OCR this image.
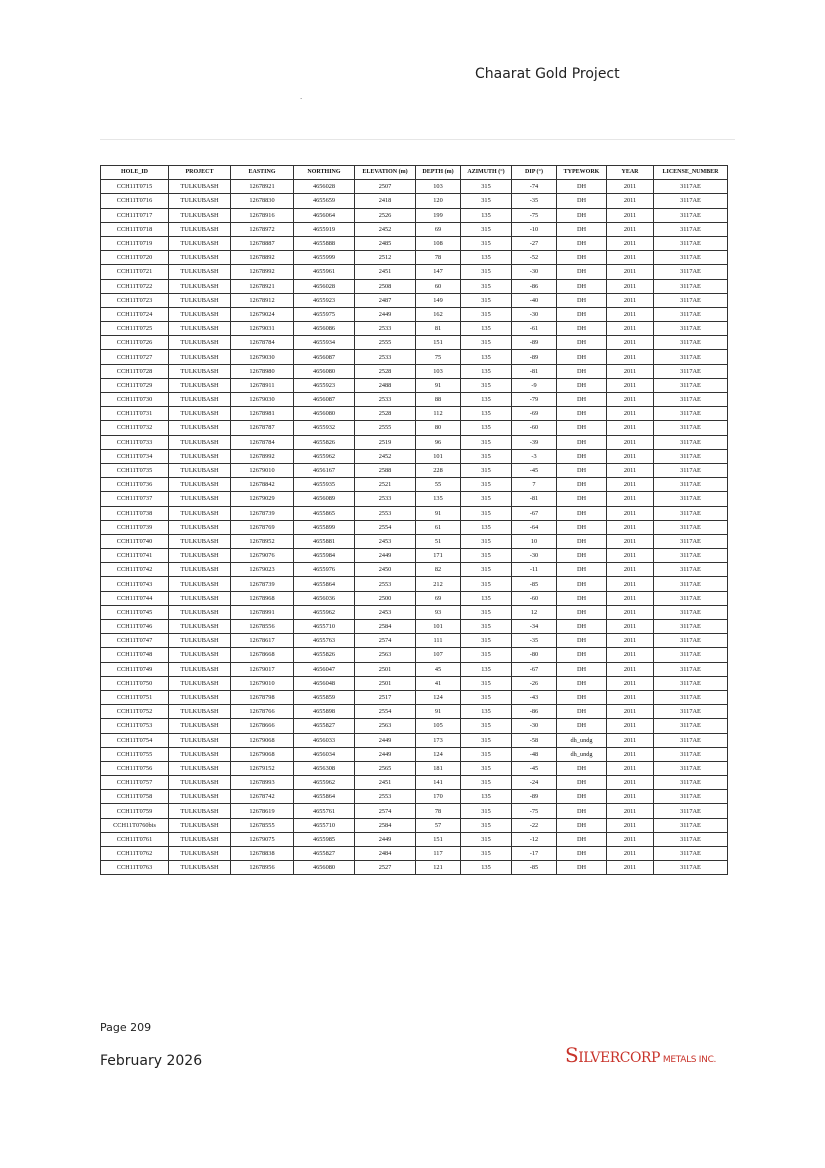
Chaarat Gold Project
.
HOLE_ID	PROJECT	EASTING	NORTHING	ELEVATION (m)	DEPTH (m)	AZIMUTH (°)	DIP (°)	TYPEWORK	YEAR	LICENSE_NUMBER
CCH11T0715	TULKUBASH	12678921	4656028	2507	103	315	-74	DH	2011	3117AE
CCH11T0716	TULKUBASH	12678830	4655659	2418	120	315	-35	DH	2011	3117AE
CCH11T0717	TULKUBASH	12678916	4656064	2526	199	135	-75	DH	2011	3117AE
CCH11T0718	TULKUBASH	12678972	4655919	2452	69	315	-10	DH	2011	3117AE
CCH11T0719	TULKUBASH	12678887	4655888	2485	108	315	-27	DH	2011	3117AE
CCH11T0720	TULKUBASH	12678892	4655999	2512	78	135	-52	DH	2011	3117AE
CCH11T0721	TULKUBASH	12678992	4655961	2451	147	315	-30	DH	2011	3117AE
CCH11T0722	TULKUBASH	12678921	4656028	2508	60	315	-86	DH	2011	3117AE
CCH11T0723	TULKUBASH	12678912	4655923	2487	149	315	-40	DH	2011	3117AE
CCH11T0724	TULKUBASH	12679024	4655975	2449	162	315	-30	DH	2011	3117AE
CCH11T0725	TULKUBASH	12679031	4656086	2533	81	135	-61	DH	2011	3117AE
CCH11T0726	TULKUBASH	12678784	4655934	2555	151	315	-89	DH	2011	3117AE
CCH11T0727	TULKUBASH	12679030	4656087	2533	75	135	-89	DH	2011	3117AE
CCH11T0728	TULKUBASH	12678980	4656080	2528	103	135	-81	DH	2011	3117AE
CCH11T0729	TULKUBASH	12678911	4655923	2488	91	315	-9	DH	2011	3117AE
CCH11T0730	TULKUBASH	12679030	4656087	2533	88	135	-79	DH	2011	3117AE
CCH11T0731	TULKUBASH	12678981	4656080	2528	112	135	-69	DH	2011	3117AE
CCH11T0732	TULKUBASH	12678787	4655932	2555	80	135	-60	DH	2011	3117AE
CCH11T0733	TULKUBASH	12678784	4655826	2519	96	315	-39	DH	2011	3117AE
CCH11T0734	TULKUBASH	12678992	4655962	2452	101	315	-3	DH	2011	3117AE
CCH11T0735	TULKUBASH	12679010	4656167	2588	228	315	-45	DH	2011	3117AE
CCH11T0736	TULKUBASH	12678842	4655935	2521	55	315	7	DH	2011	3117AE
CCH11T0737	TULKUBASH	12679029	4656089	2533	135	315	-81	DH	2011	3117AE
CCH11T0738	TULKUBASH	12678739	4655865	2553	91	315	-67	DH	2011	3117AE
CCH11T0739	TULKUBASH	12678769	4655899	2554	61	135	-64	DH	2011	3117AE
CCH11T0740	TULKUBASH	12678952	4655881	2453	51	315	10	DH	2011	3117AE
CCH11T0741	TULKUBASH	12679076	4655984	2449	171	315	-30	DH	2011	3117AE
CCH11T0742	TULKUBASH	12679023	4655976	2450	82	315	-11	DH	2011	3117AE
CCH11T0743	TULKUBASH	12678739	4655864	2553	212	315	-85	DH	2011	3117AE
CCH11T0744	TULKUBASH	12678968	4656036	2500	69	135	-60	DH	2011	3117AE
CCH11T0745	TULKUBASH	12678991	4655962	2453	93	315	12	DH	2011	3117AE
CCH11T0746	TULKUBASH	12678556	4655710	2584	101	315	-34	DH	2011	3117AE
CCH11T0747	TULKUBASH	12678617	4655763	2574	111	315	-35	DH	2011	3117AE
CCH11T0748	TULKUBASH	12678668	4655826	2563	107	315	-80	DH	2011	3117AE
CCH11T0749	TULKUBASH	12679017	4656047	2501	45	135	-67	DH	2011	3117AE
CCH11T0750	TULKUBASH	12679010	4656048	2501	41	315	-26	DH	2011	3117AE
CCH11T0751	TULKUBASH	12678798	4655859	2517	124	315	-43	DH	2011	3117AE
CCH11T0752	TULKUBASH	12678766	4655898	2554	91	135	-86	DH	2011	3117AE
CCH11T0753	TULKUBASH	12678666	4655827	2563	105	315	-30	DH	2011	3117AE
CCH11T0754	TULKUBASH	12679068	4656033	2449	173	315	-58	dh_undg	2011	3117AE
CCH11T0755	TULKUBASH	12679068	4656034	2449	124	315	-48	dh_undg	2011	3117AE
CCH11T0756	TULKUBASH	12679152	4656308	2565	181	315	-45	DH	2011	3117AE
CCH11T0757	TULKUBASH	12678993	4655962	2451	141	315	-24	DH	2011	3117AE
CCH11T0758	TULKUBASH	12678742	4655864	2553	170	135	-89	DH	2011	3117AE
CCH11T0759	TULKUBASH	12678619	4655761	2574	78	315	-75	DH	2011	3117AE
CCH11T0760bis	TULKUBASH	12678555	4655710	2584	57	315	-22	DH	2011	3117AE
CCH11T0761	TULKUBASH	12679075	4655985	2449	151	315	-12	DH	2011	3117AE
CCH11T0762	TULKUBASH	12678838	4655827	2484	117	315	-17	DH	2011	3117AE
CCH11T0763	TULKUBASH	12678956	4656080	2527	121	135	-85	DH	2011	3117AE
Page 209
February 2026	SILVERCORP METALS INC.
